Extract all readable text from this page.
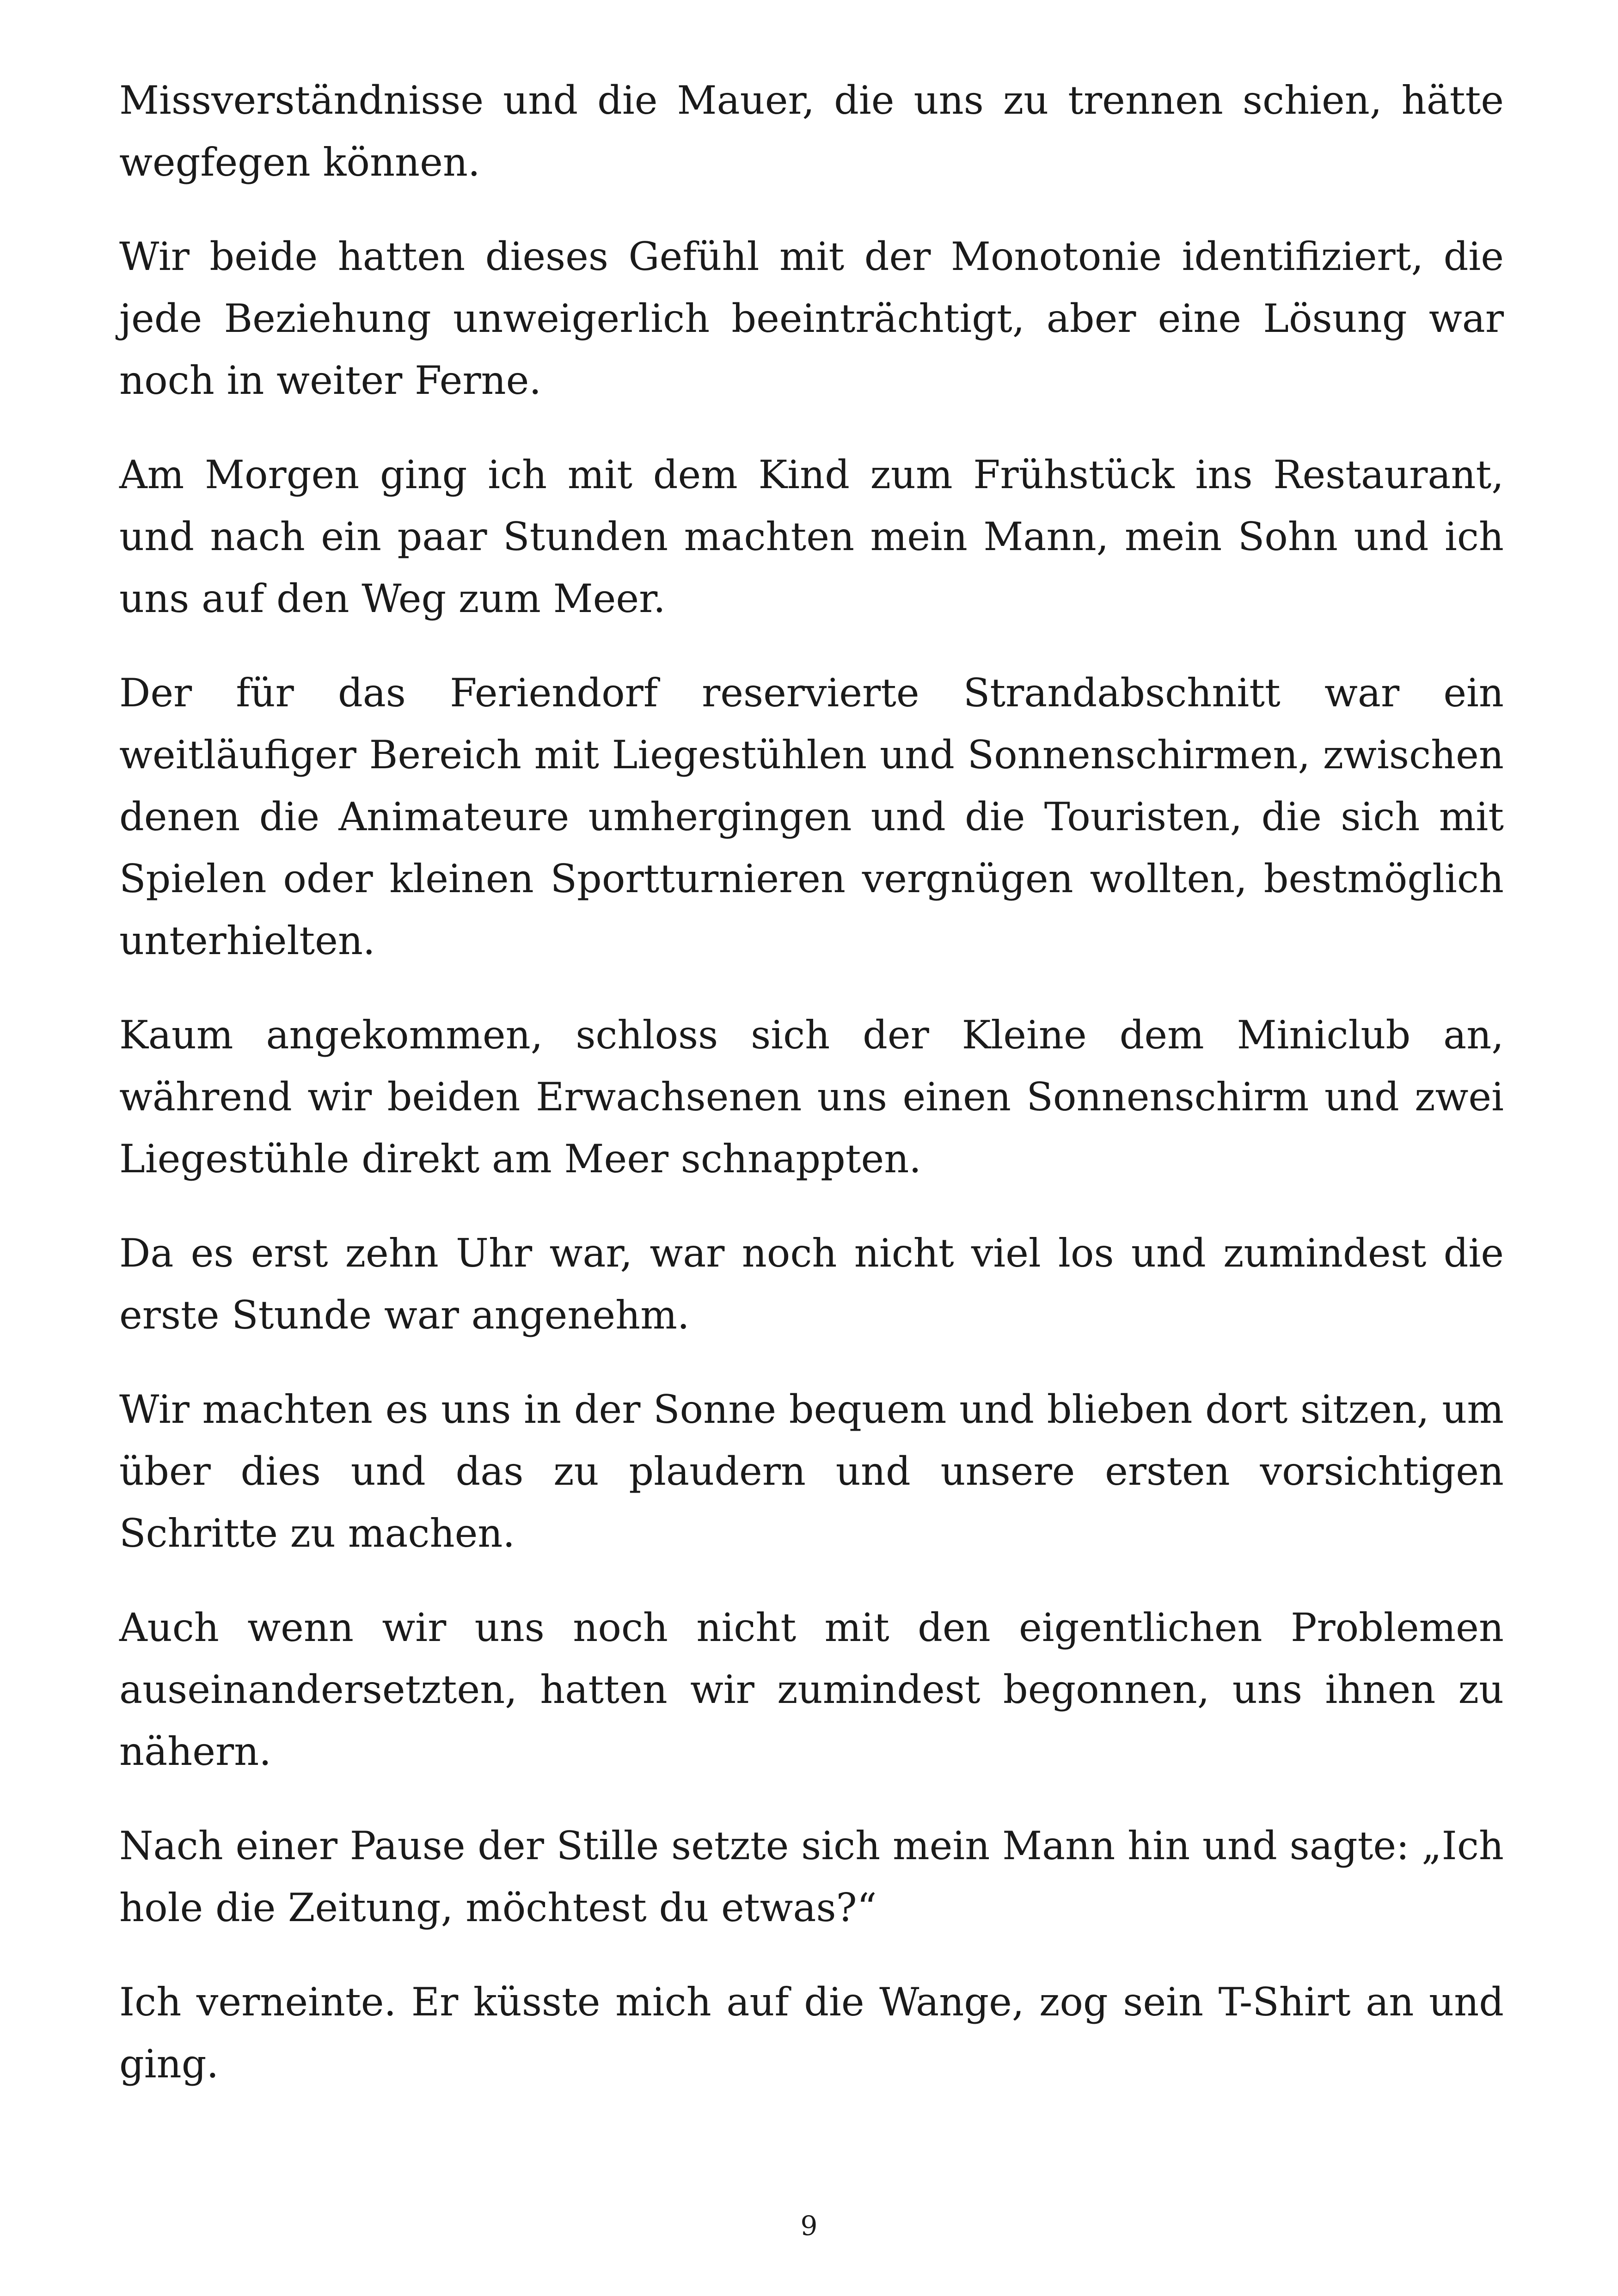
Missverständnisse und die Mauer, die uns zu trennen schien, hätte wegfegen können.

Wir beide hatten dieses Gefühl mit der Monotonie identifiziert, die jede Beziehung unweigerlich beeinträchtigt, aber eine Lösung war noch in weiter Ferne.

Am Morgen ging ich mit dem Kind zum Frühstück ins Restaurant, und nach ein paar Stunden machten mein Mann, mein Sohn und ich uns auf den Weg zum Meer.

Der für das Feriendorf reservierte Strandabschnitt war ein weitläufiger Bereich mit Liegestühlen und Sonnenschirmen, zwischen denen die Animateure umhergingen und die Touristen, die sich mit Spielen oder kleinen Sportturnieren vergnügen wollten, bestmöglich unterhielten.

Kaum angekommen, schloss sich der Kleine dem Miniclub an, während wir beiden Erwachsenen uns einen Sonnenschirm und zwei Liegestühle direkt am Meer schnappten.

Da es erst zehn Uhr war, war noch nicht viel los und zumindest die erste Stunde war angenehm.

Wir machten es uns in der Sonne bequem und blieben dort sitzen, um über dies und das zu plaudern und unsere ersten vorsichtigen Schritte zu machen.

Auch wenn wir uns noch nicht mit den eigentlichen Problemen auseinandersetzten, hatten wir zumindest begonnen, uns ihnen zu nähern.

Nach einer Pause der Stille setzte sich mein Mann hin und sagte: „Ich hole die Zeitung, möchtest du etwas?“

Ich verneinte. Er küsste mich auf die Wange, zog sein T-Shirt an und ging.

9
